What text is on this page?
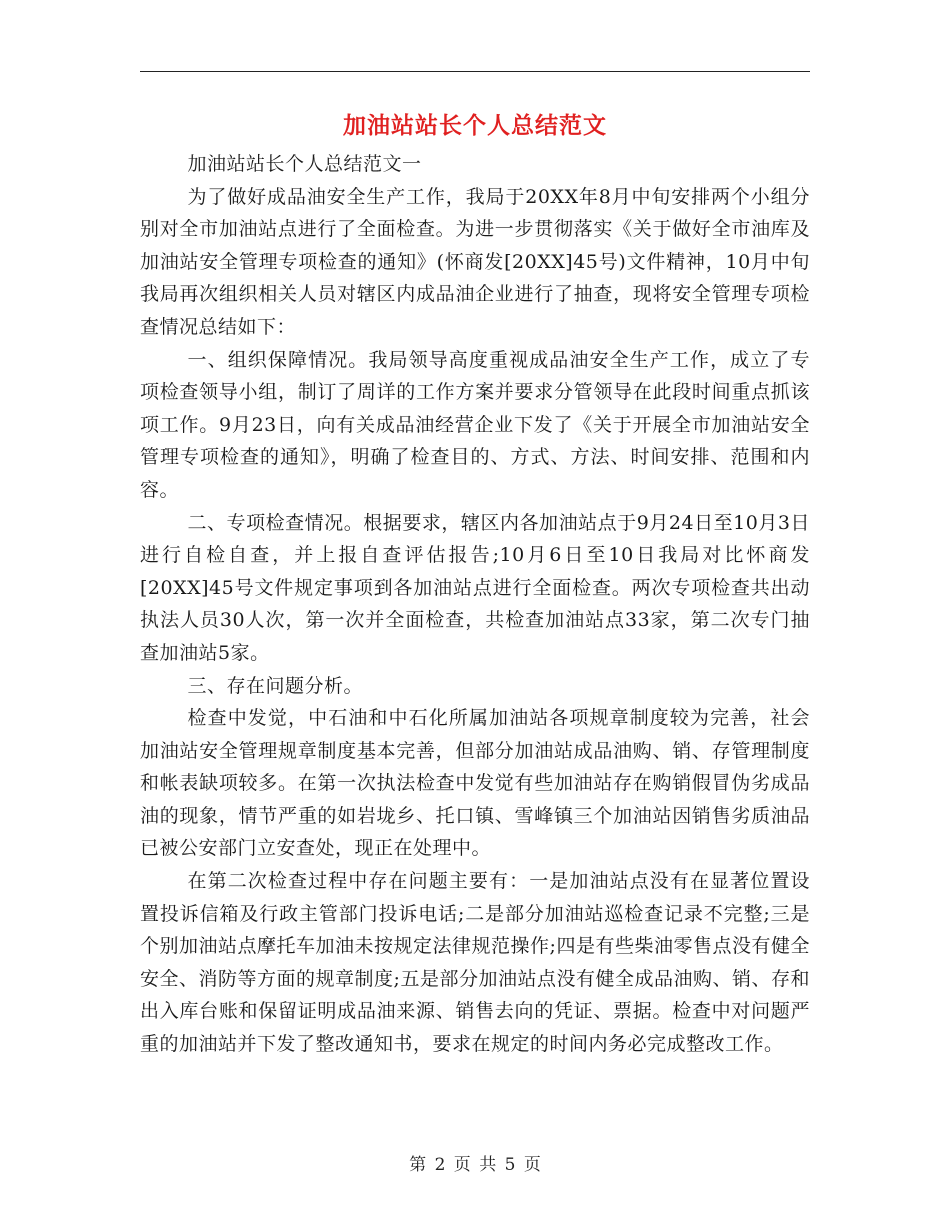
加油站站长个人总结范文

加油站站长个人总结范文一

为了做好成品油安全生产工作，我局于20XX年8月中旬安排两个小组分别对全市加油站点进行了全面检查。为进一步贯彻落实《关于做好全市油库及加油站安全管理专项检查的通知》(怀商发[20XX]45号)文件精神，10月中旬我局再次组织相关人员对辖区内成品油企业进行了抽查，现将安全管理专项检查情况总结如下：

一、组织保障情况。我局领导高度重视成品油安全生产工作，成立了专项检查领导小组，制订了周详的工作方案并要求分管领导在此段时间重点抓该项工作。9月23日，向有关成品油经营企业下发了《关于开展全市加油站安全管理专项检查的通知》，明确了检查目的、方式、方法、时间安排、范围和内容。

二、专项检查情况。根据要求，辖区内各加油站点于9月24日至10月3日进行自检自查，并上报自查评估报告;10月6日至10日我局对比怀商发[20XX]45号文件规定事项到各加油站点进行全面检查。两次专项检查共出动执法人员30人次，第一次并全面检查，共检查加油站点33家，第二次专门抽查加油站5家。

三、存在问题分析。

检查中发觉，中石油和中石化所属加油站各项规章制度较为完善，社会加油站安全管理规章制度基本完善，但部分加油站成品油购、销、存管理制度和帐表缺项较多。在第一次执法检查中发觉有些加油站存在购销假冒伪劣成品油的现象，情节严重的如岩垅乡、托口镇、雪峰镇三个加油站因销售劣质油品已被公安部门立安查处，现正在处理中。

在第二次检查过程中存在问题主要有：一是加油站点没有在显著位置设置投诉信箱及行政主管部门投诉电话;二是部分加油站巡检查记录不完整;三是个别加油站点摩托车加油未按规定法律规范操作;四是有些柴油零售点没有健全安全、消防等方面的规章制度;五是部分加油站点没有健全成品油购、销、存和出入库台账和保留证明成品油来源、销售去向的凭证、票据。检查中对问题严重的加油站并下发了整改通知书，要求在规定的时间内务必完成整改工作。

第 2 页 共 5 页
